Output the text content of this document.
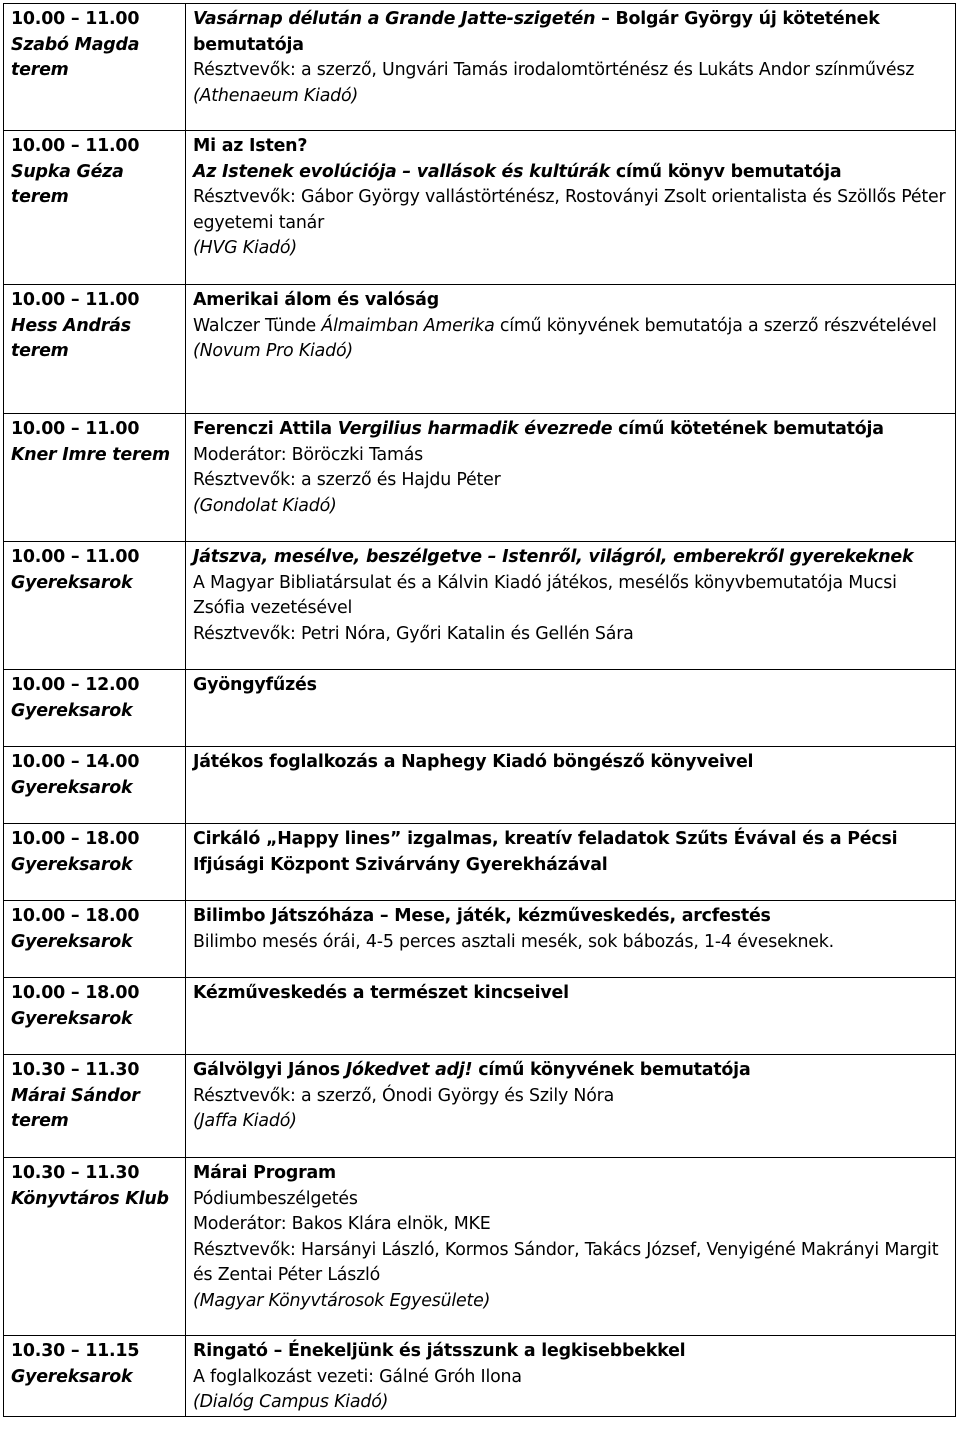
10.00 – 11.00
Szabó Magda
terem	Vasárnap délután a Grande Jatte-szigetén – Bolgár György új kötetének bemutatója
Résztvevők: a szerző, Ungvári Tamás irodalomtörténész és Lukáts Andor színművész
(Athenaeum Kiadó)

10.00 – 11.00
Supka Géza
terem	Mi az Isten?
Az Istenek evolúciója – vallások és kultúrák című könyv bemutatója
Résztvevők: Gábor György vallástörténész, Rostoványi Zsolt orientalista és Szöllős Péter egyetemi tanár
(HVG Kiadó)

10.00 – 11.00
Hess András
terem	Amerikai álom és valóság
Walczer Tünde Álmaimban Amerika című könyvének bemutatója a szerző részvételével
(Novum Pro Kiadó)

10.00 – 11.00
Kner Imre terem	Ferenczi Attila Vergilius harmadik évezrede című kötetének bemutatója
Moderátor: Böröczki Tamás
Résztvevők: a szerző és Hajdu Péter
(Gondolat Kiadó)

10.00 – 11.00
Gyereksarok	Játszva, mesélve, beszélgetve – Istenről, világról, emberekről gyerekeknek
A Magyar Bibliatársulat és a Kálvin Kiadó játékos, mesélős könyvbemutatója Mucsi Zsófia vezetésével
Résztvevők: Petri Nóra, Győri Katalin és Gellén Sára

10.00 – 12.00
Gyereksarok	Gyöngyfűzés

10.00 – 14.00
Gyereksarok	Játékos foglalkozás a Naphegy Kiadó böngésző könyveivel

10.00 – 18.00
Gyereksarok	Cirkáló „Happy lines” izgalmas, kreatív feladatok Szűts Évával és a Pécsi Ifjúsági Központ Szivárvány Gyerekházával

10.00 – 18.00
Gyereksarok	Bilimbo Játszóháza – Mese, játék, kézműveskedés, arcfestés
Bilimbo mesés órái, 4-5 perces asztali mesék, sok bábozás, 1-4 éveseknek.

10.00 – 18.00
Gyereksarok	Kézműveskedés a természet kincseivel

10.30 – 11.30
Márai Sándor
terem	Gálvölgyi János Jókedvet adj! című könyvének bemutatója
Résztvevők: a szerző, Ónodi György és Szily Nóra
(Jaffa Kiadó)

10.30 – 11.30
Könyvtáros Klub	Márai Program
Pódiumbeszélgetés
Moderátor: Bakos Klára elnök, MKE
Résztvevők: Harsányi László, Kormos Sándor, Takács József, Venyigéné Makrányi Margit és Zentai Péter László
(Magyar Könyvtárosok Egyesülete)

10.30 – 11.15
Gyereksarok	Ringató – Énekeljünk és játsszunk a legkisebbekkel
A foglalkozást vezeti: Gálné Gróh Ilona
(Dialóg Campus Kiadó)
